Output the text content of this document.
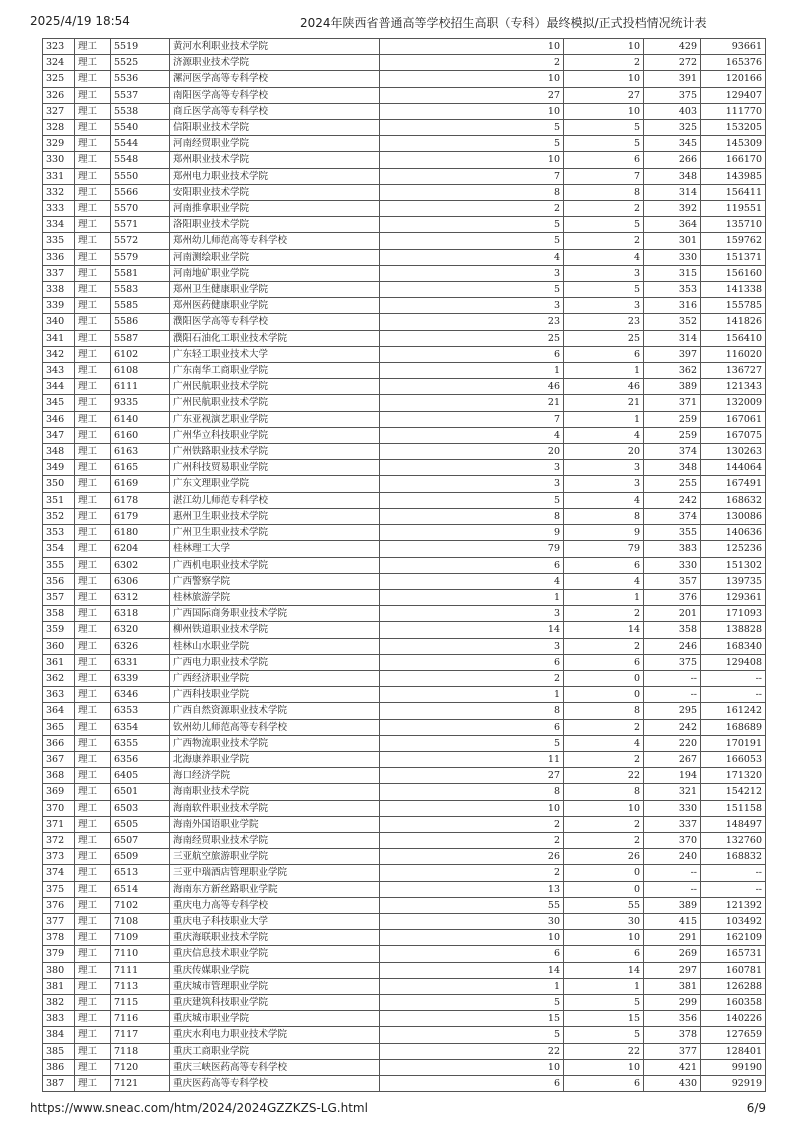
2025/4/19 18:54	2024年陕西省普通高等学校招生高职（专科）最终模拟/正式投档情况统计表
323	理工	5519	黄河水利职业技术学院	10	10	429	93661
324	理工	5525	济源职业技术学院	2	2	272	165376
325	理工	5536	漯河医学高等专科学校	10	10	391	120166
326	理工	5537	南阳医学高等专科学校	27	27	375	129407
327	理工	5538	商丘医学高等专科学校	10	10	403	111770
328	理工	5540	信阳职业技术学院	5	5	325	153205
329	理工	5544	河南经贸职业学院	5	5	345	145309
330	理工	5548	郑州职业技术学院	10	6	266	166170
331	理工	5550	郑州电力职业技术学院	7	7	348	143985
332	理工	5566	安阳职业技术学院	8	8	314	156411
333	理工	5570	河南推拿职业学院	2	2	392	119551
334	理工	5571	洛阳职业技术学院	5	5	364	135710
335	理工	5572	郑州幼儿师范高等专科学校	5	2	301	159762
336	理工	5579	河南测绘职业学院	4	4	330	151371
337	理工	5581	河南地矿职业学院	3	3	315	156160
338	理工	5583	郑州卫生健康职业学院	5	5	353	141338
339	理工	5585	郑州医药健康职业学院	3	3	316	155785
340	理工	5586	濮阳医学高等专科学校	23	23	352	141826
341	理工	5587	濮阳石油化工职业技术学院	25	25	314	156410
342	理工	6102	广东轻工职业技术大学	6	6	397	116020
343	理工	6108	广东南华工商职业学院	1	1	362	136727
344	理工	6111	广州民航职业技术学院	46	46	389	121343
345	理工	9335	广州民航职业技术学院	21	21	371	132009
346	理工	6140	广东亚视演艺职业学院	7	1	259	167061
347	理工	6160	广州华立科技职业学院	4	4	259	167075
348	理工	6163	广州铁路职业技术学院	20	20	374	130263
349	理工	6165	广州科技贸易职业学院	3	3	348	144064
350	理工	6169	广东文理职业学院	3	3	255	167491
351	理工	6178	湛江幼儿师范专科学校	5	4	242	168632
352	理工	6179	惠州卫生职业技术学院	8	8	374	130086
353	理工	6180	广州卫生职业技术学院	9	9	355	140636
354	理工	6204	桂林理工大学	79	79	383	125236
355	理工	6302	广西机电职业技术学院	6	6	330	151302
356	理工	6306	广西警察学院	4	4	357	139735
357	理工	6312	桂林旅游学院	1	1	376	129361
358	理工	6318	广西国际商务职业技术学院	3	2	201	171093
359	理工	6320	柳州铁道职业技术学院	14	14	358	138828
360	理工	6326	桂林山水职业学院	3	2	246	168340
361	理工	6331	广西电力职业技术学院	6	6	375	129408
362	理工	6339	广西经济职业学院	2	0	--	--
363	理工	6346	广西科技职业学院	1	0	--	--
364	理工	6353	广西自然资源职业技术学院	8	8	295	161242
365	理工	6354	钦州幼儿师范高等专科学校	6	2	242	168689
366	理工	6355	广西物流职业技术学院	5	4	220	170191
367	理工	6356	北海康养职业学院	11	2	267	166053
368	理工	6405	海口经济学院	27	22	194	171320
369	理工	6501	海南职业技术学院	8	8	321	154212
370	理工	6503	海南软件职业技术学院	10	10	330	151158
371	理工	6505	海南外国语职业学院	2	2	337	148497
372	理工	6507	海南经贸职业技术学院	2	2	370	132760
373	理工	6509	三亚航空旅游职业学院	26	26	240	168832
374	理工	6513	三亚中瑞酒店管理职业学院	2	0	--	--
375	理工	6514	海南东方新丝路职业学院	13	0	--	--
376	理工	7102	重庆电力高等专科学校	55	55	389	121392
377	理工	7108	重庆电子科技职业大学	30	30	415	103492
378	理工	7109	重庆海联职业技术学院	10	10	291	162109
379	理工	7110	重庆信息技术职业学院	6	6	269	165731
380	理工	7111	重庆传媒职业学院	14	14	297	160781
381	理工	7113	重庆城市管理职业学院	1	1	381	126288
382	理工	7115	重庆建筑科技职业学院	5	5	299	160358
383	理工	7116	重庆城市职业学院	15	15	356	140226
384	理工	7117	重庆水利电力职业技术学院	5	5	378	127659
385	理工	7118	重庆工商职业学院	22	22	377	128401
386	理工	7120	重庆三峡医药高等专科学校	10	10	421	99190
387	理工	7121	重庆医药高等专科学校	6	6	430	92919
https://www.sneac.com/htm/2024/2024GZZKZS-LG.html	6/9
